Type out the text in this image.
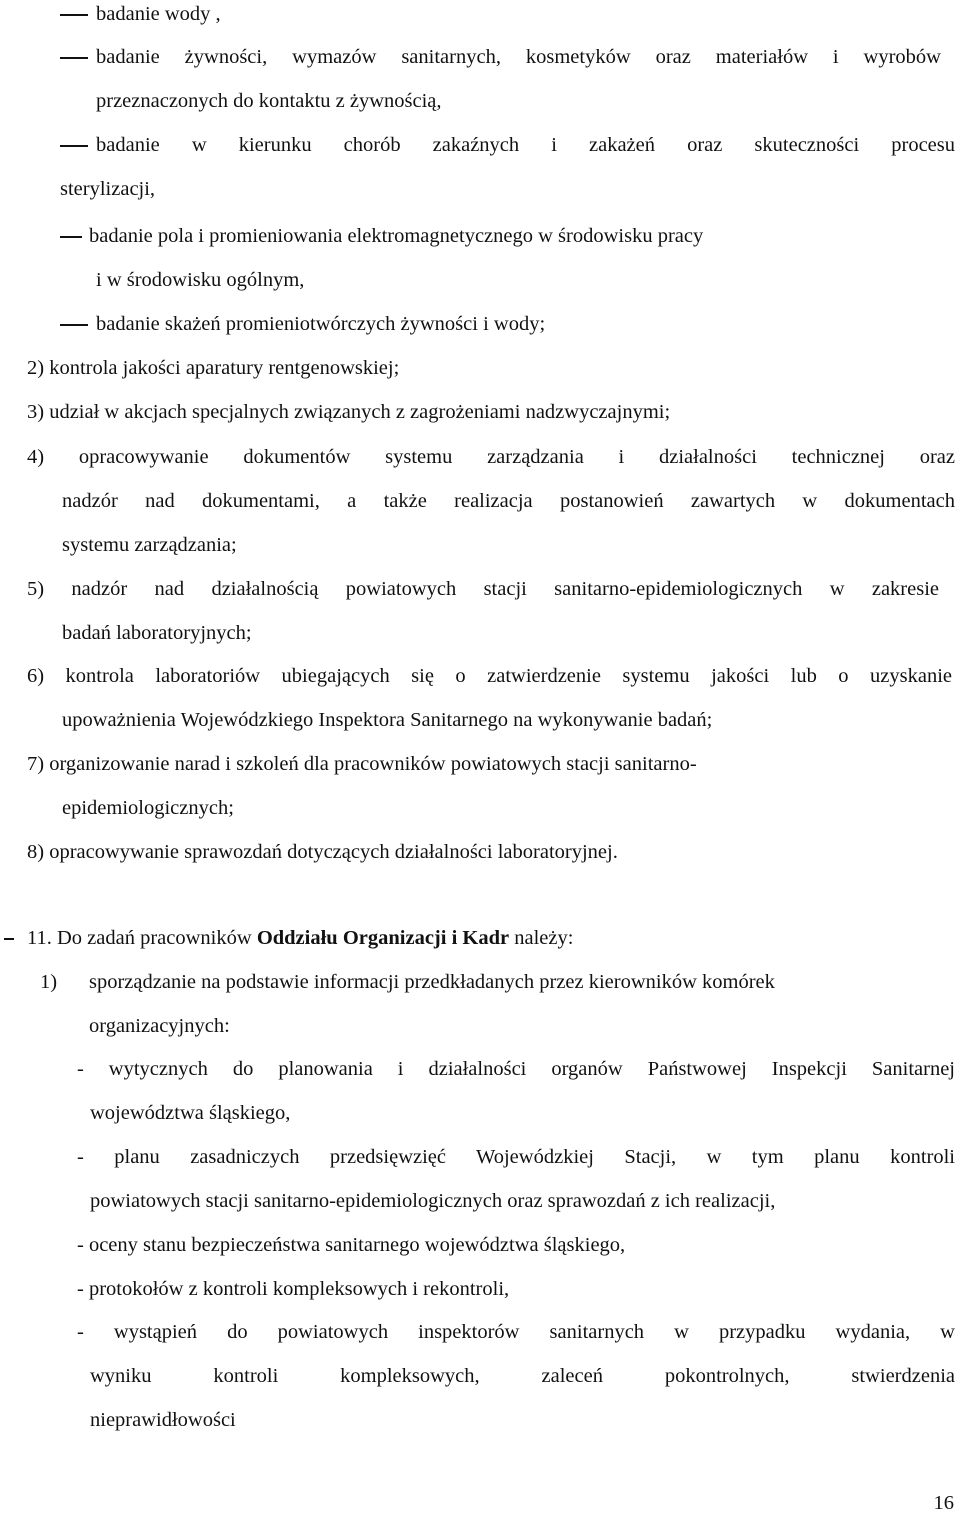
badanie wody ,
badanie żywności, wymazów sanitarnych, kosmetyków oraz materiałów i wyrobów
przeznaczonych do kontaktu z żywnością,
badanie w kierunku chorób zakaźnych i zakażeń oraz skuteczności procesu
sterylizacji,
badanie pola i promieniowania elektromagnetycznego w środowisku pracy
i w środowisku ogólnym,
badanie skażeń promieniotwórczych żywności i wody;
2) kontrola jakości aparatury rentgenowskiej;
3) udział w akcjach specjalnych związanych z zagrożeniami nadzwyczajnymi;
4) opracowywanie dokumentów systemu zarządzania i działalności technicznej oraz
nadzór nad dokumentami, a także realizacja postanowień zawartych w dokumentach
systemu zarządzania;
5) nadzór nad działalnością powiatowych stacji sanitarno-epidemiologicznych w zakresie
badań laboratoryjnych;
6) kontrola laboratoriów ubiegających się o zatwierdzenie systemu jakości lub o uzyskanie
upoważnienia Wojewódzkiego Inspektora Sanitarnego na wykonywanie badań;
7) organizowanie narad i szkoleń dla pracowników powiatowych stacji sanitarno-
epidemiologicznych;
8) opracowywanie sprawozdań dotyczących działalności laboratoryjnej.
11. Do zadań pracowników Oddziału Organizacji i Kadr należy:
1) sporządzanie na podstawie informacji przedkładanych przez kierowników komórek
organizacyjnych:
- wytycznych do planowania i działalności organów Państwowej Inspekcji Sanitarnej
województwa śląskiego,
- planu zasadniczych przedsięwzięć Wojewódzkiej Stacji, w tym planu kontroli
powiatowych stacji sanitarno-epidemiologicznych oraz sprawozdań z ich realizacji,
- oceny stanu bezpieczeństwa sanitarnego województwa śląskiego,
- protokołów z kontroli kompleksowych i rekontroli,
- wystąpień do powiatowych inspektorów sanitarnych w przypadku wydania, w
wyniku kontroli kompleksowych, zaleceń pokontrolnych, stwierdzenia
nieprawidłowości
16
